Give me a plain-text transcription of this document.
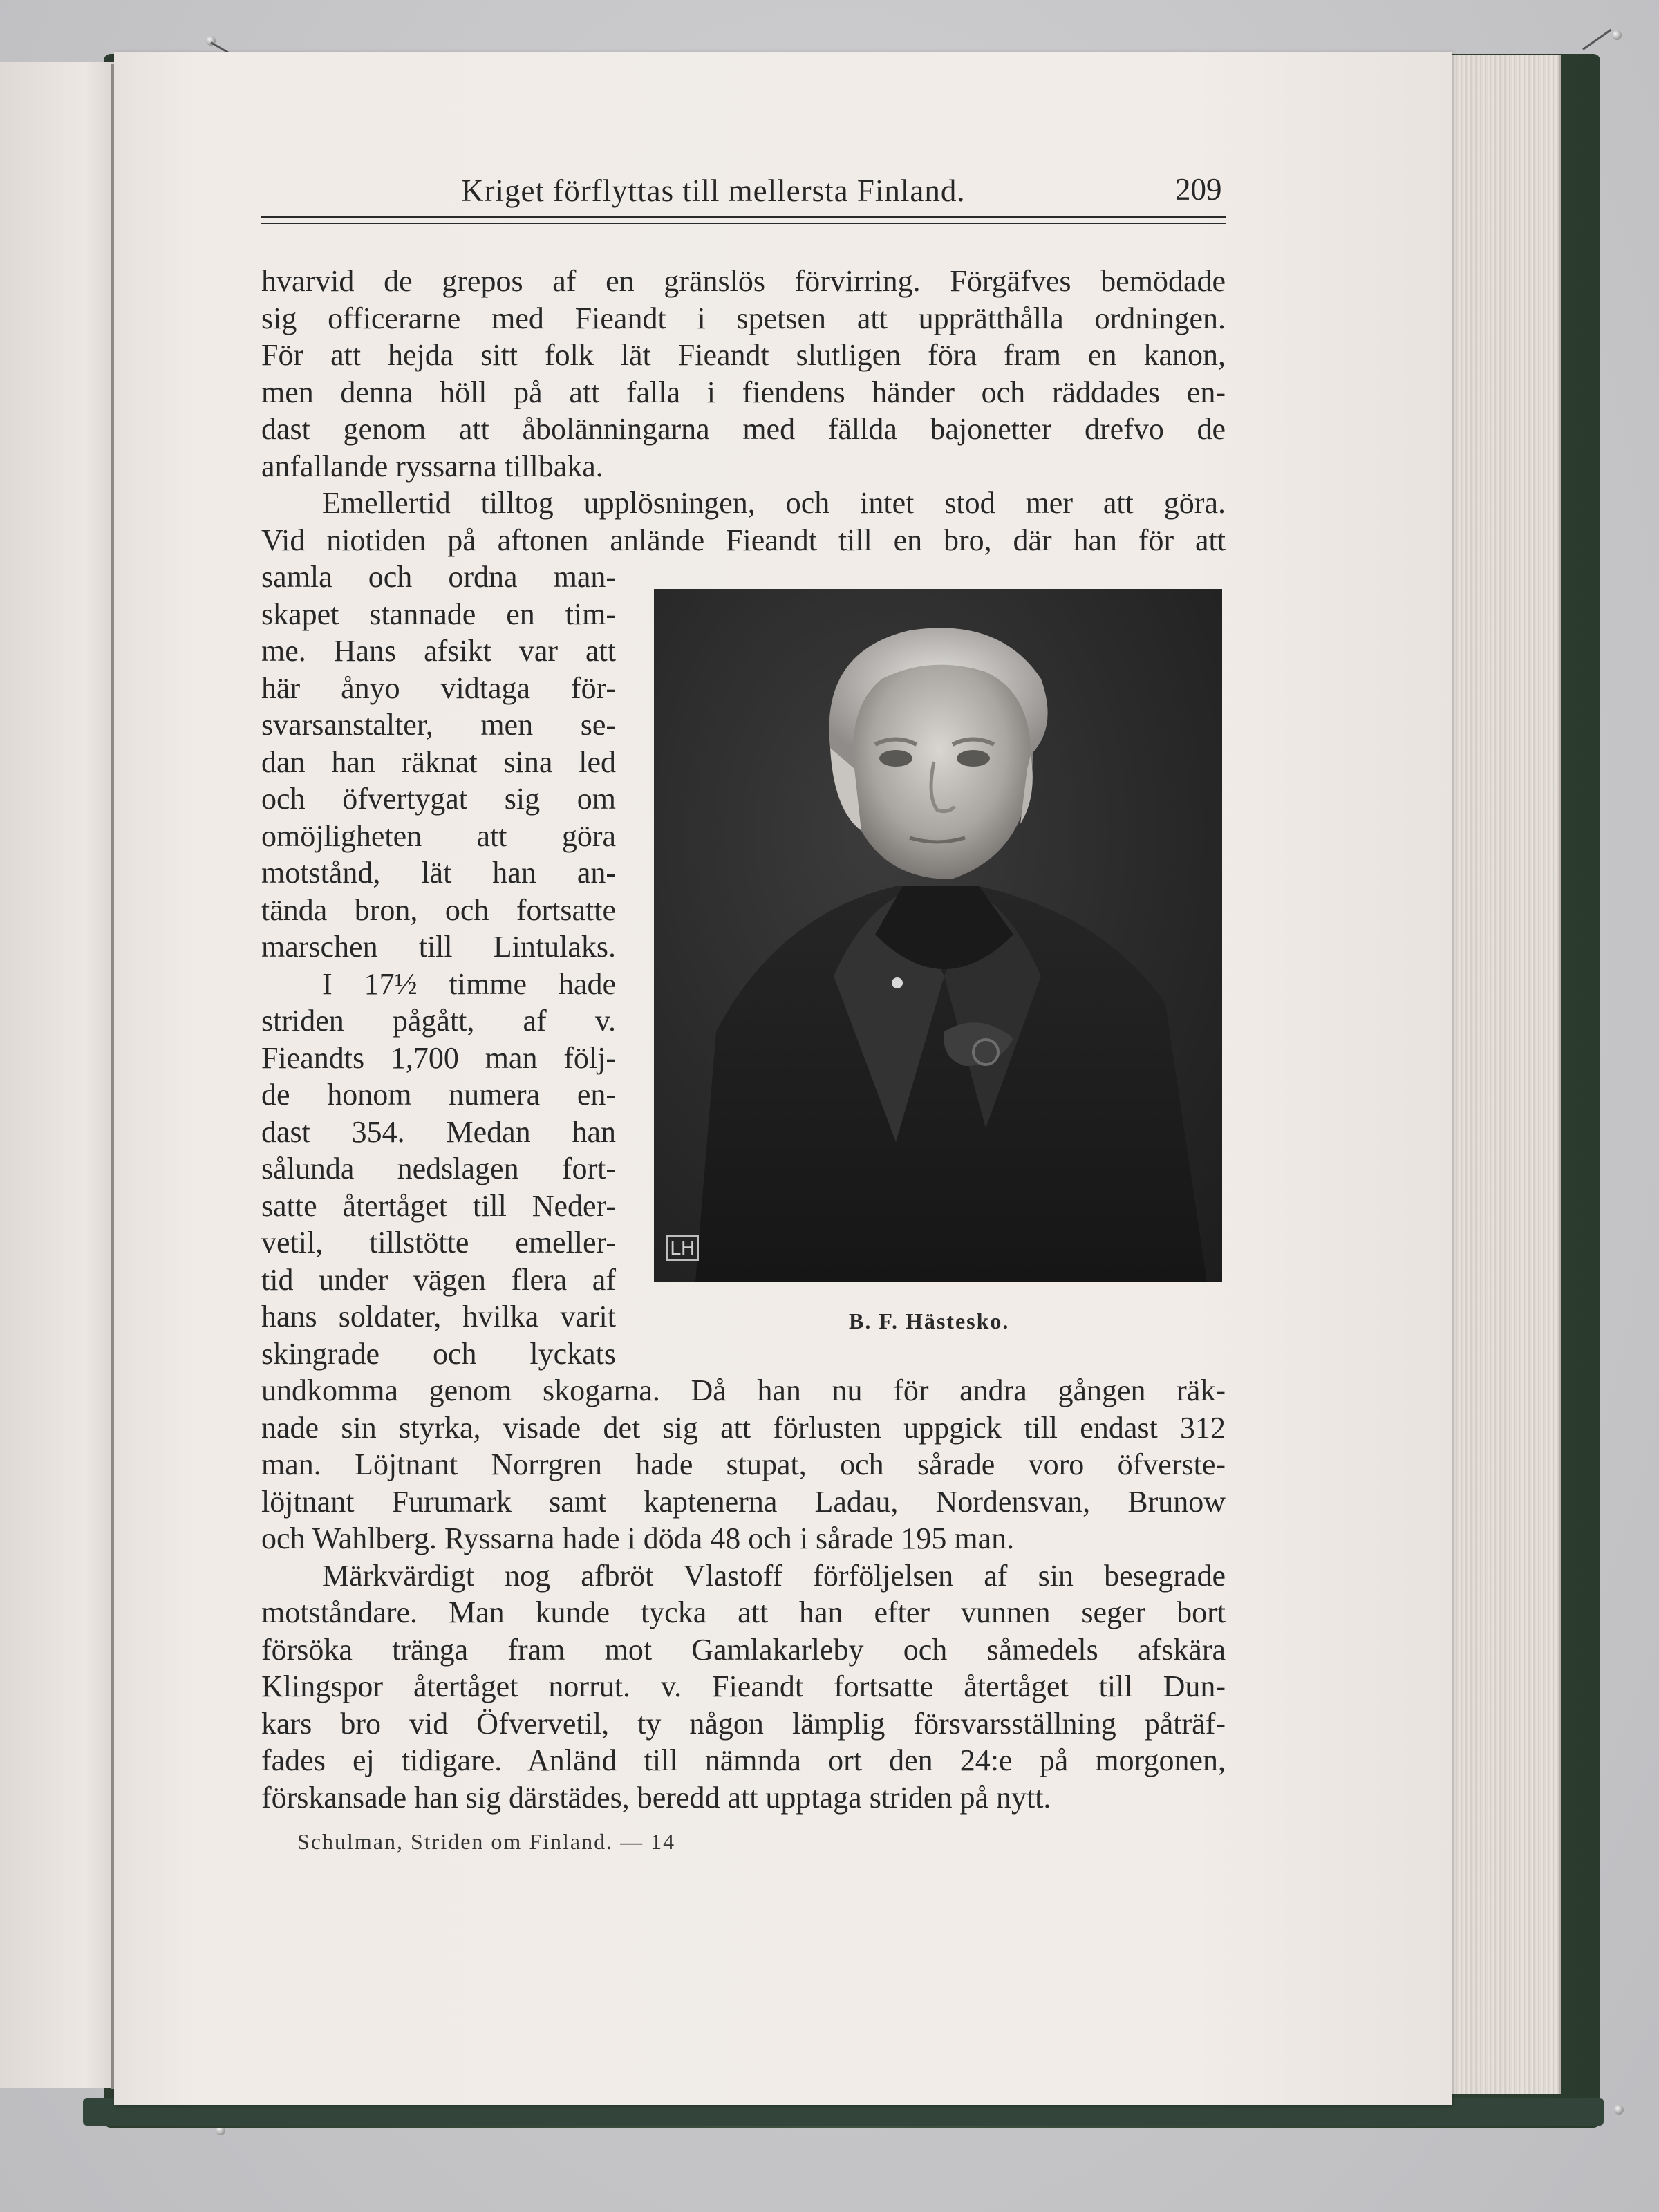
Kriget förflyttas till mellersta Finland.	209
hvarvid de grepos af en gränslös förvirring. Förgäfves bemödade
sig officerarne med Fieandt i spetsen att upprätthålla ordningen.
För att hejda sitt folk lät Fieandt slutligen föra fram en kanon,
men denna höll på att falla i fiendens händer och räddades en-
dast genom att åbolänningarna med fällda bajonetter drefvo de
anfallande ryssarna tillbaka.
Emellertid tilltog upplösningen, och intet stod mer att göra.
Vid niotiden på aftonen anlände Fieandt till en bro, där han för att
samla och ordna man-
skapet stannade en tim-
me. Hans afsikt var att
här ånyo vidtaga för-
svarsanstalter, men se-
dan han räknat sina led
och öfvertygat sig om
omöjligheten att göra
motstånd, lät han an-
tända bron, och fortsatte
marschen till Lintulaks.
I 17½ timme hade
striden pågått, af v.
Fieandts 1,700 man följ-
de honom numera en-
dast 354. Medan han
sålunda nedslagen fort-
satte återtåget till Neder-
vetil, tillstötte emeller-
tid under vägen flera af
hans soldater, hvilka varit
skingrade och lyckats
undkomma genom skogarna. Då han nu för andra gången räk-
nade sin styrka, visade det sig att förlusten uppgick till endast 312
man. Löjtnant Norrgren hade stupat, och sårade voro öfverste-
löjtnant Furumark samt kaptenerna Ladau, Nordensvan, Brunow
och Wahlberg. Ryssarna hade i döda 48 och i sårade 195 man.
Märkvärdigt nog afbröt Vlastoff förföljelsen af sin besegrade
motståndare. Man kunde tycka att han efter vunnen seger bort
försöka tränga fram mot Gamlakarleby och såmedels afskära
Klingspor återtåget norrut. v. Fieandt fortsatte återtåget till Dun-
kars bro vid Öfvervetil, ty någon lämplig försvarsställning påträf-
fades ej tidigare. Anländ till nämnda ort den 24:e på morgonen,
förskansade han sig därstädes, beredd att upptaga striden på nytt.
LH
B. F. Hästesko.
Schulman, Striden om Finland. — 14
